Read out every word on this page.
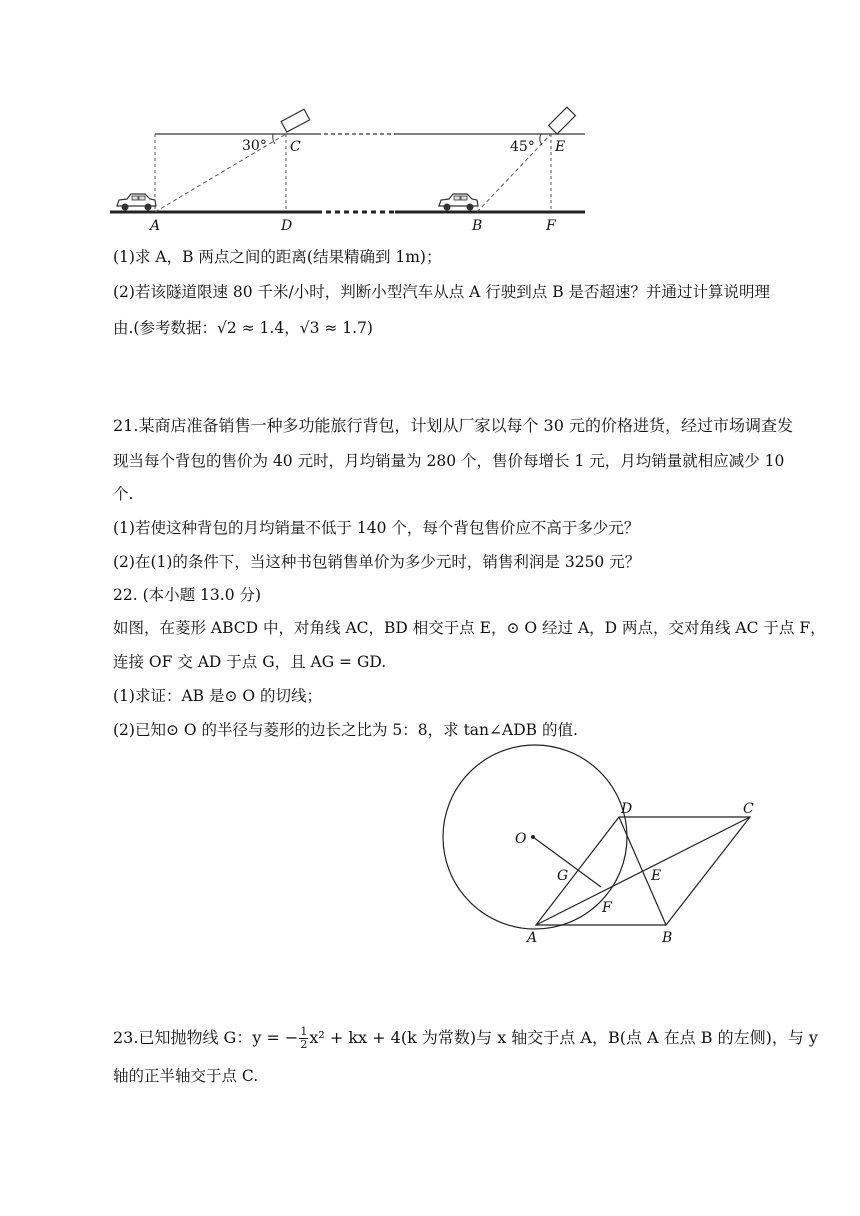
30° C	45° E
A	D	B	F
(1)求 A，B 两点之间的距离(结果精确到 1m)；
(2)若该隧道限速 80 千米/小时，判断小型汽车从点 A 行驶到点 B 是否超速？并通过计算说明理
由.(参考数据：√2 ≈ 1.4，√3 ≈ 1.7)
21.某商店准备销售一种多功能旅行背包，计划从厂家以每个 30 元的价格进货，经过市场调查发
现当每个背包的售价为 40 元时，月均销量为 280 个，售价每增长 1 元，月均销量就相应减少 10
个.
(1)若使这种背包的月均销量不低于 140 个，每个背包售价应不高于多少元？
(2)在(1)的条件下，当这种书包销售单价为多少元时，销售利润是 3250 元？
22. (本小题 13.0 分)
如图，在菱形 ABCD 中，对角线 AC，BD 相交于点 E，⊙ O 经过 A，D 两点，交对角线 AC 于点 F，
连接 OF 交 AD 于点 G，且 AG = GD.
(1)求证：AB 是⊙ O 的切线；
(2)已知⊙ O 的半径与菱形的边长之比为 5：8，求 tan∠ADB 的值.
O
D	C
G	E
F
A	B
23.已知抛物线 G：y = − $\frac{1}{2} x^2$ + kx + 4(k 为常数)与 x 轴交于点 A，B(点 A 在点 B 的左侧)，与 y
轴的正半轴交于点 C.
